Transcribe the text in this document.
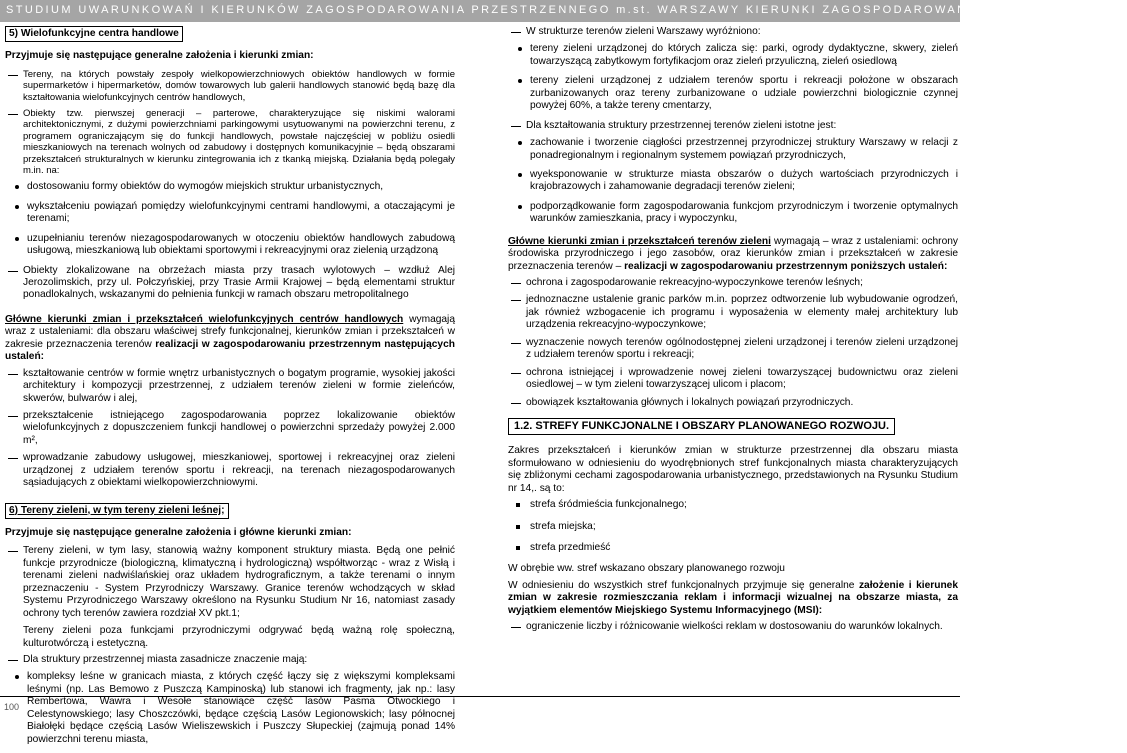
STUDIUM UWARUNKOWAŃ I KIERUNKÓW ZAGOSPODAROWANIA PRZESTRZENNEGO m.st. WARSZAWY KIERUNKI ZAGOSPODAROWANIA PRZESTRZENNEGO
5) Wielofunkcyjne centra handlowe
Przyjmuje się następujące generalne założenia i kierunki zmian:
Tereny, na których powstały zespoły wielkopowierzchniowych obiektów handlowych w formie supermarketów i hipermarketów, domów towarowych lub galerii handlowych stanowić będą bazę dla kształtowania wielofunkcyjnych centrów handlowych,
Obiekty tzw. pierwszej generacji – parterowe, charakteryzujące się niskimi walorami architektonicznymi, z dużymi powierzchniami parkingowymi usytuowanymi na powierzchni terenu, z programem ograniczającym się do funkcji handlowych, powstałe najczęściej w pobliżu osiedli mieszkaniowych na terenach wolnych od zabudowy i dostępnych komunikacyjnie – będą obszarami przekształceń strukturalnych w kierunku zintegrowania ich z tkanką miejską. Działania będą polegały m.in. na:
dostosowaniu formy obiektów do wymogów miejskich struktur urbanistycznych,
wykształceniu powiązań pomiędzy wielofunkcyjnymi centrami handlowymi, a otaczającymi je terenami;
uzupełnianiu terenów niezagospodarowanych w otoczeniu obiektów handlowych zabudową usługową, mieszkaniową lub obiektami sportowymi i rekreacyjnymi oraz zielenią urządzoną
Obiekty zlokalizowane na obrzeżach miasta przy trasach wylotowych – wzdłuż Alej Jerozolimskich, przy ul. Połczyńskiej, przy Trasie Armii Krajowej – będą elementami struktur ponadlokalnych, wskazanymi do pełnienia funkcji w ramach obszaru metropolitalnego

Główne kierunki zmian i przekształceń wielofunkcyjnych centrów handlowych wymagają wraz z ustaleniami: dla obszaru właściwej strefy funkcjonalnej, kierunków zmian i przekształceń w zakresie przeznaczenia terenów realizacji w zagospodarowaniu przestrzennym następujących ustaleń:

kształtowanie centrów w formie wnętrz urbanistycznych o bogatym programie, wysokiej jakości architektury i kompozycji przestrzennej, z udziałem terenów zieleni w formie zieleńców, skwerów, bulwarów i alej,
przekształcenie istniejącego zagospodarowania poprzez lokalizowanie obiektów wielofunkcyjnych z dopuszczeniem funkcji handlowej o powierzchni sprzedaży powyżej 2.000 m²,
wprowadzanie zabudowy usługowej, mieszkaniowej, sportowej i rekreacyjnej oraz zieleni urządzonej z udziałem terenów sportu i rekreacji, na terenach niezagospodarowanych sąsiadujących z obiektami wielkopowierzchniowymi.
6) Tereny zieleni, w tym tereny zieleni leśnej;
Przyjmuje się następujące generalne założenia i główne kierunki zmian:
Tereny zieleni, w tym lasy, stanowią ważny komponent struktury miasta. Będą one pełnić funkcje przyrodnicze (biologiczną, klimatyczną i hydrologiczną) współtworząc - wraz z Wisłą i terenami zieleni nadwiślańskiej oraz układem hydrograficznym, a także terenami o innym przeznaczeniu - System Przyrodniczy Warszawy. Granice terenów wchodzących w skład Systemu Przyrodniczego Warszawy określono na Rysunku Studium Nr 16, natomiast zasady ochrony tych terenów zawiera rozdział XV pkt.1;

Tereny zieleni poza funkcjami przyrodniczymi odgrywać będą ważną rolę społeczną, kulturotwórczą i estetyczną.

Dla struktury przestrzennej miasta zasadnicze znaczenie mają:
kompleksy leśne w granicach miasta, z których część łączy się z większymi kompleksami leśnymi (np. Las Bemowo z Puszczą Kampinoską) lub stanowi ich fragmenty, jak np.: lasy Rembertowa, Wawra i Wesołe stanowiące część lasów Pasma Otwockiego i Celestynowskiego; lasy Choszczówki, będące częścią Lasów Legionowskich; lasy północnej Białołęki będące częścią Lasów Wieliszewskich i Puszczy Słupeckiej (zajmują ponad 14% powierzchni terenu miasta,
W strukturze terenów zieleni Warszawy wyróżniono:
tereny zieleni urządzonej do których zalicza się: parki, ogrody dydaktyczne, skwery, zieleń towarzyszącą zabytkowym fortyfikacjom oraz zieleń przyuliczną, zieleń osiedlową
tereny zieleni urządzonej z udziałem terenów sportu i rekreacji położone w obszarach zurbanizowanych oraz tereny zurbanizowane o udziale powierzchni biologicznie czynnej powyżej 60%, a także tereny cmentarzy,
Dla kształtowania struktury przestrzennej terenów zieleni istotne jest:
zachowanie i tworzenie ciągłości przestrzennej przyrodniczej struktury Warszawy w relacji z ponadregionalnym i regionalnym systemem powiązań przyrodniczych,
wyeksponowanie w strukturze miasta obszarów o dużych wartościach przyrodniczych i krajobrazowych i zahamowanie degradacji terenów zieleni;
podporządkowanie form zagospodarowania funkcjom przyrodniczym i tworzenie optymalnych warunków zamieszkania, pracy i wypoczynku,

Główne kierunki zmian i przekształceń terenów zieleni wymagają – wraz z ustaleniami: ochrony środowiska przyrodniczego i jego zasobów, oraz kierunków zmian i przekształceń w zakresie przeznaczenia terenów – realizacji w zagospodarowaniu przestrzennym poniższych ustaleń:

ochrona i zagospodarowanie rekreacyjno-wypoczynkowe terenów leśnych;
jednoznaczne ustalenie granic parków m.in. poprzez odtworzenie lub wybudowanie ogrodzeń, jak również wzbogacenie ich programu i wyposażenia w elementy małej architektury lub urządzenia rekreacyjno-wypoczynkowe;
wyznaczenie nowych terenów ogólnodostępnej zieleni urządzonej i terenów zieleni urządzonej z udziałem terenów sportu i rekreacji;
ochrona istniejącej i wprowadzenie nowej zieleni towarzyszącej budownictwu oraz zieleni osiedlowej – w tym zieleni towarzyszącej ulicom i placom;
obowiązek kształtowania głównych i lokalnych powiązań przyrodniczych.
1.2. STREFY FUNKCJONALNE I OBSZARY PLANOWANEGO ROZWOJU.

Zakres przekształceń i kierunków zmian w strukturze przestrzennej dla obszaru miasta sformułowano w odniesieniu do wyodrębnionych stref funkcjonalnych miasta charakteryzujących się zbliżonymi cechami zagospodarowania urbanistycznego, przedstawionych na Rysunku Studium nr 14,. są to:

strefa śródmieścia funkcjonalnego;
strefa miejska;
strefa przedmieść

W obrębie ww. stref wskazano obszary planowanego rozwoju

W odniesieniu do wszystkich stref funkcjonalnych przyjmuje się generalne założenie i kierunek zmian w zakresie rozmieszczania reklam i informacji wizualnej na obszarze miasta, za wyjątkiem elementów Miejskiego Systemu Informacyjnego (MSI):

ograniczenie liczby i różnicowanie wielkości reklam w dostosowaniu do warunków lokalnych.
100
